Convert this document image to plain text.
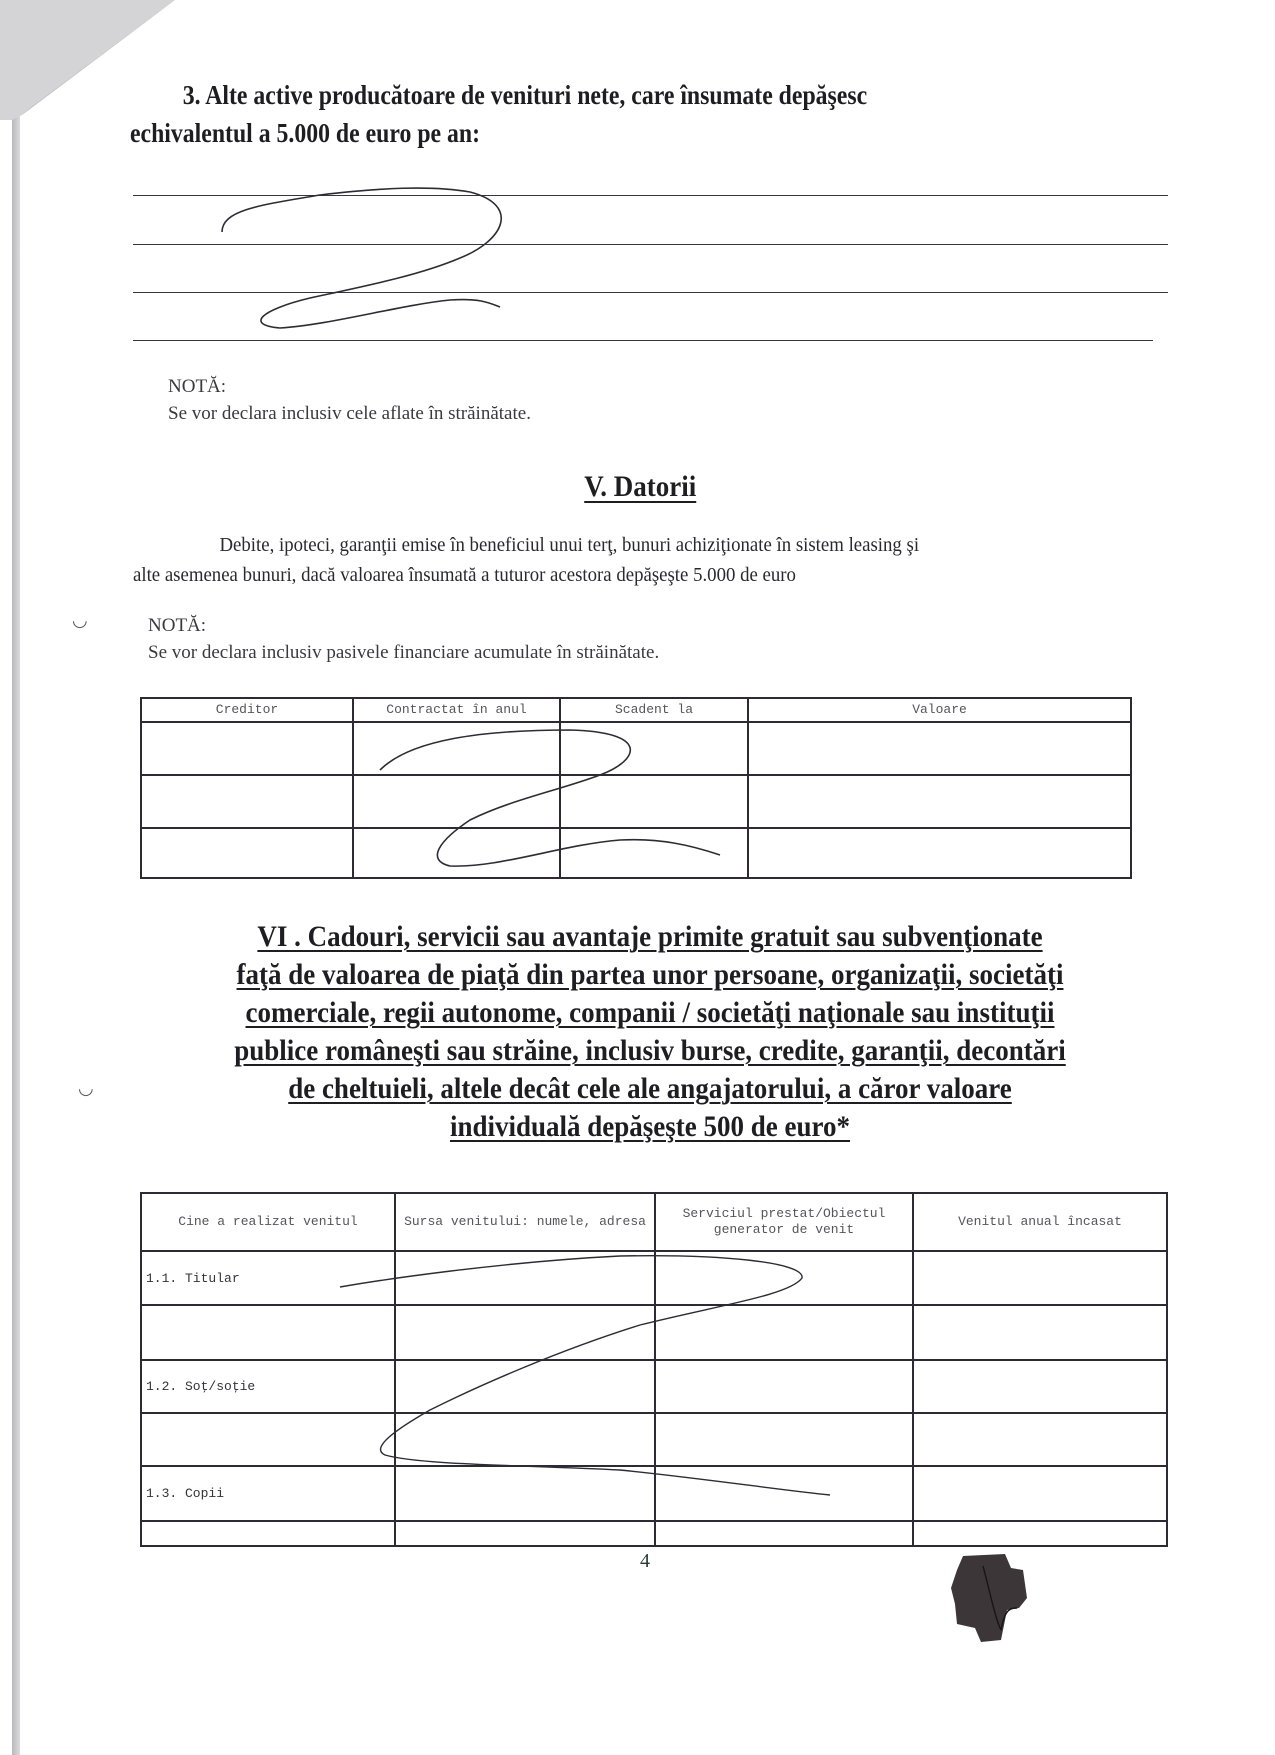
3. Alte active producătoare de venituri nete, care însumate depăşesc
echivalentul a 5.000 de euro pe an:
NOTĂ:
Se vor declara inclusiv cele aflate în străinătate.
V. Datorii
Debite, ipoteci, garanţii emise în beneficiul unui terţ, bunuri achiziţionate în sistem leasing şi
alte asemenea bunuri, dacă valoarea însumată a tuturor acestora depăşeşte 5.000 de euro
◡	NOTĂ:
Se vor declara inclusiv pasivele financiare acumulate în străinătate.
Creditor	Contractat în anul	Scadent la	Valoare

VI . Cadouri, servicii sau avantaje primite gratuit sau subvenţionate
faţă de valoarea de piaţă din partea unor persoane, organizaţii, societăţi
comerciale, regii autonome, companii / societăţi naţionale sau instituţii
publice româneşti sau străine, inclusiv burse, credite, garanţii, decontări
de cheltuieli, altele decât cele ale angajatorului, a căror valoare
individuală depăşeşte 500 de euro*
◡
Cine a realizat venitul	Sursa venitului: numele, adresa	Serviciul prestat/Obiectul generator de venit	Venitul anual încasat
1.1. Titular			

1.2. Soţ/soţie			

1.3. Copii			

4
